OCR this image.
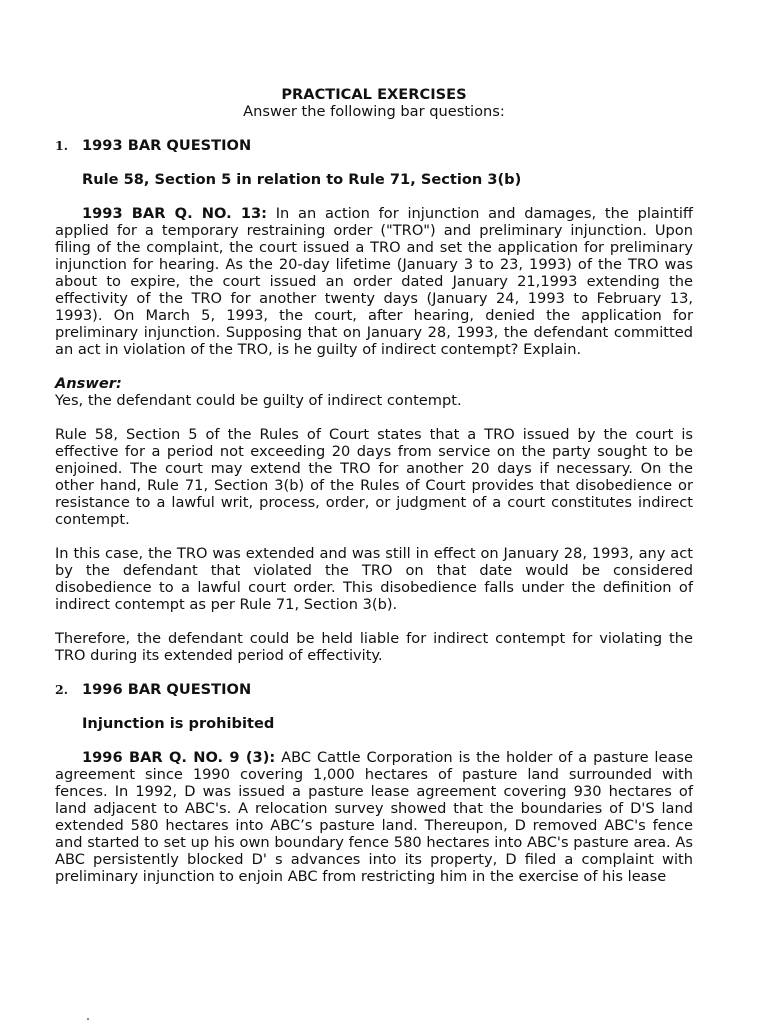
PRACTICAL EXERCISES
Answer the following bar questions:
1. 1993 BAR QUESTION

Rule 58, Section 5 in relation to Rule 71, Section 3(b)

1993 BAR Q. NO. 13: In an action for injunction and damages, the plaintiff applied for a temporary restraining order ("TRO") and preliminary injunction. Upon filing of the complaint, the court issued a TRO and set the application for preliminary injunction for hearing. As the 20-day lifetime (January 3 to 23, 1993) of the TRO was about to expire, the court issued an order dated January 21,1993 extending the effectivity of the TRO for another twenty days (January 24, 1993 to February 13, 1993). On March 5, 1993, the court, after hearing, denied the application for preliminary injunction. Supposing that on January 28, 1993, the defendant committed an act in violation of the TRO, is he guilty of indirect contempt? Explain.

Answer:

Yes, the defendant could be guilty of indirect contempt.

Rule 58, Section 5 of the Rules of Court states that a TRO issued by the court is effective for a period not exceeding 20 days from service on the party sought to be enjoined. The court may extend the TRO for another 20 days if necessary. On the other hand, Rule 71, Section 3(b) of the Rules of Court provides that disobedience or resistance to a lawful writ, process, order, or judgment of a court constitutes indirect contempt.

In this case, the TRO was extended and was still in effect on January 28, 1993, any act by the defendant that violated the TRO on that date would be considered disobedience to a lawful court order. This disobedience falls under the definition of indirect contempt as per Rule 71, Section 3(b).

Therefore, the defendant could be held liable for indirect contempt for violating the TRO during its extended period of effectivity.

2. 1996 BAR QUESTION

Injunction is prohibited

1996 BAR Q. NO. 9 (3): ABC Cattle Corporation is the holder of a pasture lease agreement since 1990 covering 1,000 hectares of pasture land surrounded with fences. In 1992, D was issued a pasture lease agreement covering 930 hectares of land adjacent to ABC's. A relocation survey showed that the boundaries of D'S land extended 580 hectares into ABC’s pasture land. Thereupon, D removed ABC's fence and started to set up his own boundary fence 580 hectares into ABC's pasture area. As ABC persistently blocked D' s advances into its property, D filed a complaint with preliminary injunction to enjoin ABC from restricting him in the exercise of his lease
